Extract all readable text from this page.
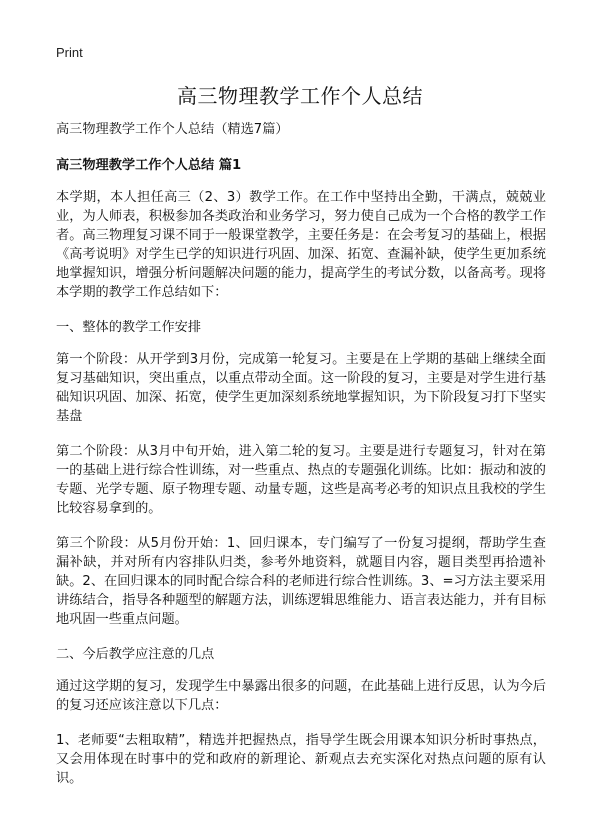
Print
高三物理教学工作个人总结

高三物理教学工作个人总结（精选7篇）

高三物理教学工作个人总结 篇1

本学期，本人担任高三（2、3）教学工作。在工作中坚持出全勤，干满点，兢兢业业，为人师表，积极参加各类政治和业务学习，努力使自己成为一个合格的教学工作者。高三物理复习课不同于一般课堂教学，主要任务是：在会考复习的基础上，根据《高考说明》对学生已学的知识进行巩固、加深、拓宽、查漏补缺，使学生更加系统地掌握知识，增强分析问题解决问题的能力，提高学生的考试分数，以备高考。现将本学期的教学工作总结如下：

一、整体的教学工作安排

第一个阶段：从开学到3月份，完成第一轮复习。主要是在上学期的基础上继续全面复习基础知识，突出重点，以重点带动全面。这一阶段的复习，主要是对学生进行基础知识巩固、加深、拓宽，使学生更加深刻系统地掌握知识，为下阶段复习打下坚实基盘

第二个阶段：从3月中旬开始，进入第二轮的复习。主要是进行专题复习，针对在第一的基础上进行综合性训练，对一些重点、热点的专题强化训练。比如：振动和波的专题、光学专题、原子物理专题、动量专题，这些是高考必考的知识点且我校的学生比较容易拿到的。

第三个阶段：从5月份开始：1、回归课本，专门编写了一份复习提纲，帮助学生查漏补缺，并对所有内容排队归类，参考外地资料，就题目内容，题目类型再拾遗补缺。2、在回归课本的同时配合综合科的老师进行综合性训练。3、=习方法主要采用讲练结合，指导各种题型的解题方法，训练逻辑思维能力、语言表达能力，并有目标地巩固一些重点问题。

二、今后教学应注意的几点

通过这学期的复习，发现学生中暴露出很多的问题，在此基础上进行反思，认为今后的复习还应该注意以下几点：

1、老师要“去粗取精”，精选并把握热点，指导学生既会用课本知识分析时事热点，又会用体现在时事中的党和政府的新理论、新观点去充实深化对热点问题的原有认识。
